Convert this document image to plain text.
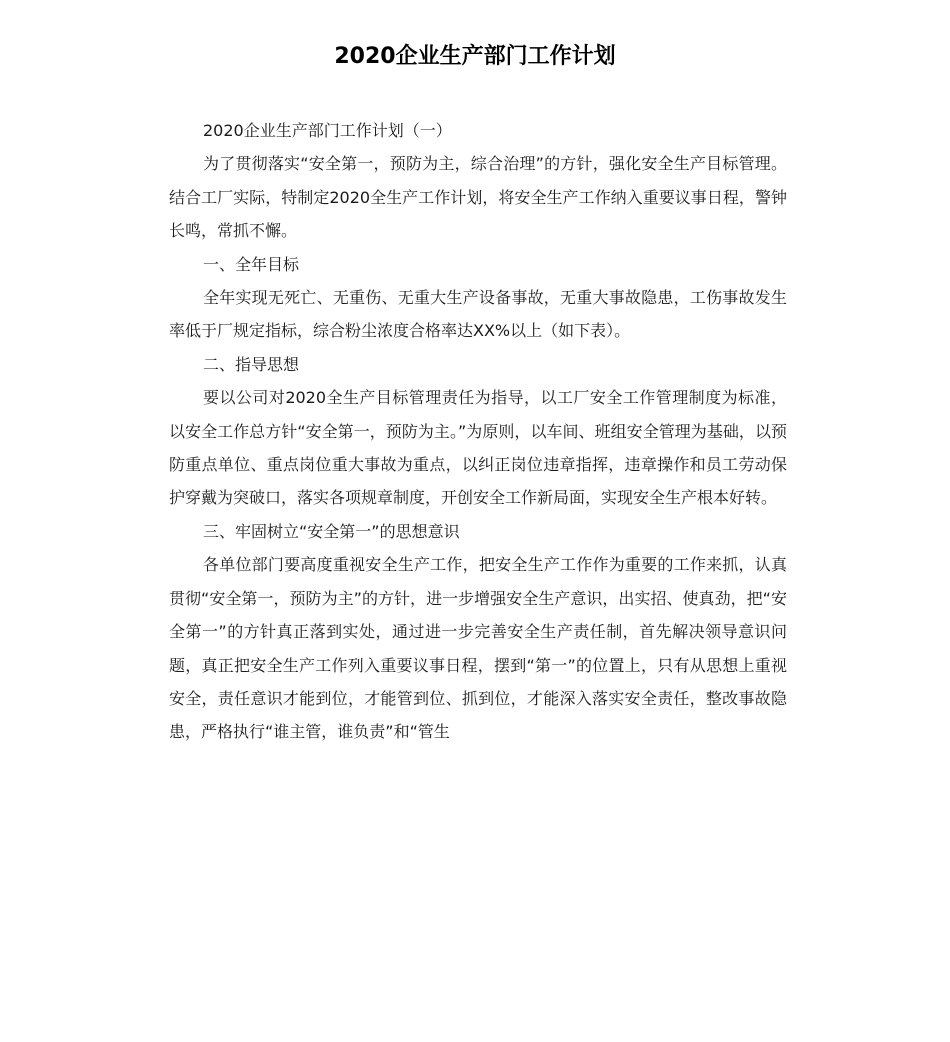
2020企业生产部门工作计划

2020企业生产部门工作计划（一）

为了贯彻落实“安全第一，预防为主，综合治理”的方针，强化安全生产目标管理。结合工厂实际，特制定2020全生产工作计划，将安全生产工作纳入重要议事日程，警钟长鸣，常抓不懈。

一、全年目标

全年实现无死亡、无重伤、无重大生产设备事故，无重大事故隐患，工伤事故发生率低于厂规定指标，综合粉尘浓度合格率达XX%以上（如下表）。

二、指导思想

要以公司对2020全生产目标管理责任为指导，以工厂安全工作管理制度为标准，以安全工作总方针“安全第一，预防为主。”为原则，以车间、班组安全管理为基础，以预防重点单位、重点岗位重大事故为重点，以纠正岗位违章指挥，违章操作和员工劳动保护穿戴为突破口，落实各项规章制度，开创安全工作新局面，实现安全生产根本好转。

三、牢固树立“安全第一”的思想意识

各单位部门要高度重视安全生产工作，把安全生产工作作为重要的工作来抓，认真贯彻“安全第一，预防为主”的方针，进一步增强安全生产意识，出实招、使真劲，把“安全第一”的方针真正落到实处，通过进一步完善安全生产责任制，首先解决领导意识问题，真正把安全生产工作列入重要议事日程，摆到“第一”的位置上，只有从思想上重视安全，责任意识才能到位，才能管到位、抓到位，才能深入落实安全责任，整改事故隐患，严格执行“谁主管，谁负责”和“管生
